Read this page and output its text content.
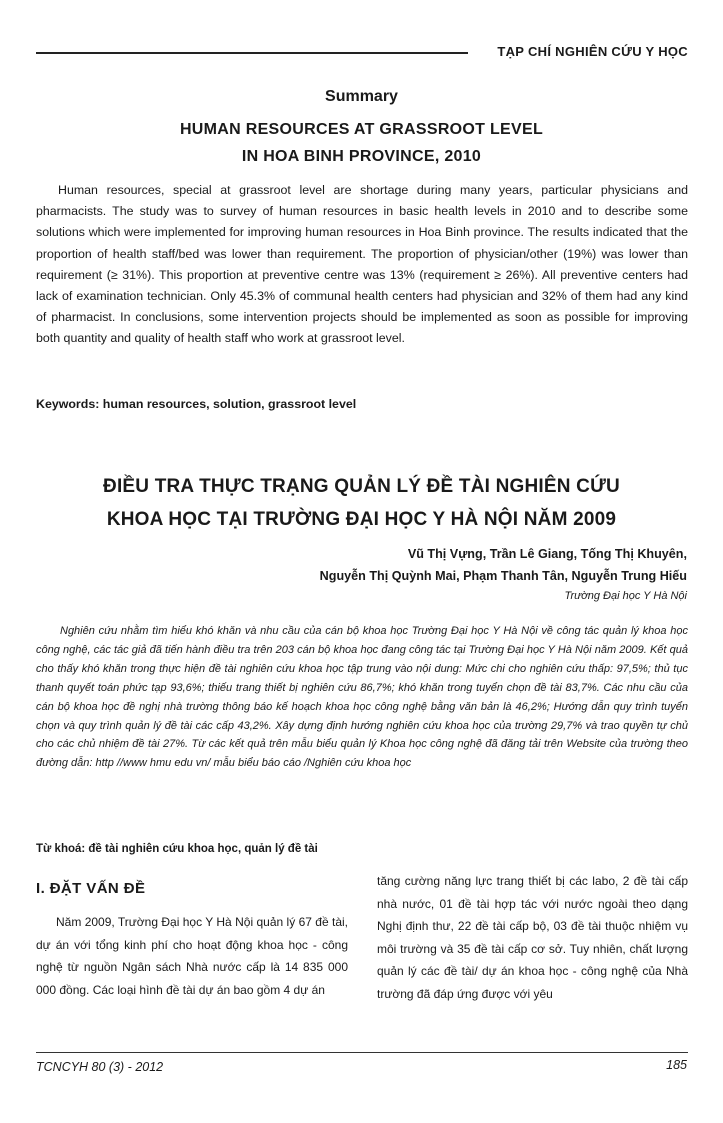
TẠP CHÍ NGHIÊN CỨU Y HỌC
Summary
HUMAN RESOURCES AT GRASSROOT LEVEL
IN HOA BINH PROVINCE, 2010

Human resources, special at grassroot level are shortage during many years, particular physicians and pharmacists. The study was to survey of human resources in basic health levels in 2010 and to describe some solutions which were implemented for improving human resources in Hoa Binh province. The results indicated that the proportion of health staff/bed was lower than requirement. The proportion of physician/other (19%) was lower than requirement (≥ 31%). This proportion at preventive centre was 13% (requirement ≥ 26%). All preventive centers had lack of examination technician. Only 45.3% of communal health centers had physician and 32% of them had any kind of pharmacist. In conclusions, some intervention projects should be implemented as soon as possible for improving both quantity and quality of health staff who work at grassroot level.

Keywords: human resources, solution, grassroot level
ĐIỀU TRA THỰC TRẠNG QUẢN LÝ ĐỀ TÀI NGHIÊN CỨU
KHOA HỌC TẠI TRƯỜNG ĐẠI HỌC Y HÀ NỘI NĂM 2009
Vũ Thị Vựng, Trần Lê Giang, Tống Thị Khuyên,
Nguyễn Thị Quỳnh Mai, Phạm Thanh Tân, Nguyễn Trung Hiếu
Trường Đại học Y Hà Nội

Nghiên cứu nhằm tìm hiểu khó khăn và nhu cầu của cán bộ khoa học Trường Đại học Y Hà Nội về công tác quản lý khoa học công nghệ, các tác giả đã tiến hành điều tra trên 203 cán bộ khoa học đang công tác tại Trường Đại học Y Hà Nội năm 2009. Kết quả cho thấy khó khăn trong thực hiện đề tài nghiên cứu khoa học tập trung vào nội dung: Mức chi cho nghiên cứu thấp: 97,5%; thủ tục thanh quyết toán phức tạp 93,6%; thiếu trang thiết bị nghiên cứu 86,7%; khó khăn trong tuyển chọn đề tài 83,7%. Các nhu cầu của cán bộ khoa học đề nghị nhà trường thông báo kế hoạch khoa học công nghệ bằng văn bản là 46,2%; Hướng dẫn quy trình tuyển chọn và quy trình quản lý đề tài các cấp 43,2%. Xây dựng định hướng nghiên cứu khoa học của trường 29,7% và trao quyền tự chủ cho các chủ nhiệm đề tài 27%. Từ các kết quả trên mẫu biểu quản lý Khoa học công nghệ đã đăng tải trên Website của trường theo đường dẫn: http //www hmu edu vn/ mẫu biểu báo cáo /Nghiên cứu khoa học

Từ khoá: đề tài nghiên cứu khoa học, quản lý đề tài
I. ĐẶT VẤN ĐỀ

Năm 2009, Trường Đại học Y Hà Nội quản lý 67 đề tài, dự án với tổng kinh phí cho hoạt động khoa học - công nghệ từ nguồn Ngân sách Nhà nước cấp là 14 835 000 000 đồng. Các loại hình đề tài dự án bao gồm 4 dự án

tăng cường năng lực trang thiết bị các labo, 2 đề tài cấp nhà nước, 01 đề tài hợp tác với nước ngoài theo dạng Nghị định thư, 22 đề tài cấp bộ, 03 đề tài thuộc nhiệm vụ môi trường và 35 đề tài cấp cơ sở. Tuy nhiên, chất lượng quản lý các đề tài/ dự án khoa học - công nghệ của Nhà trường đã đáp ứng được với yêu

TCNCYH 80 (3) - 2012	185
